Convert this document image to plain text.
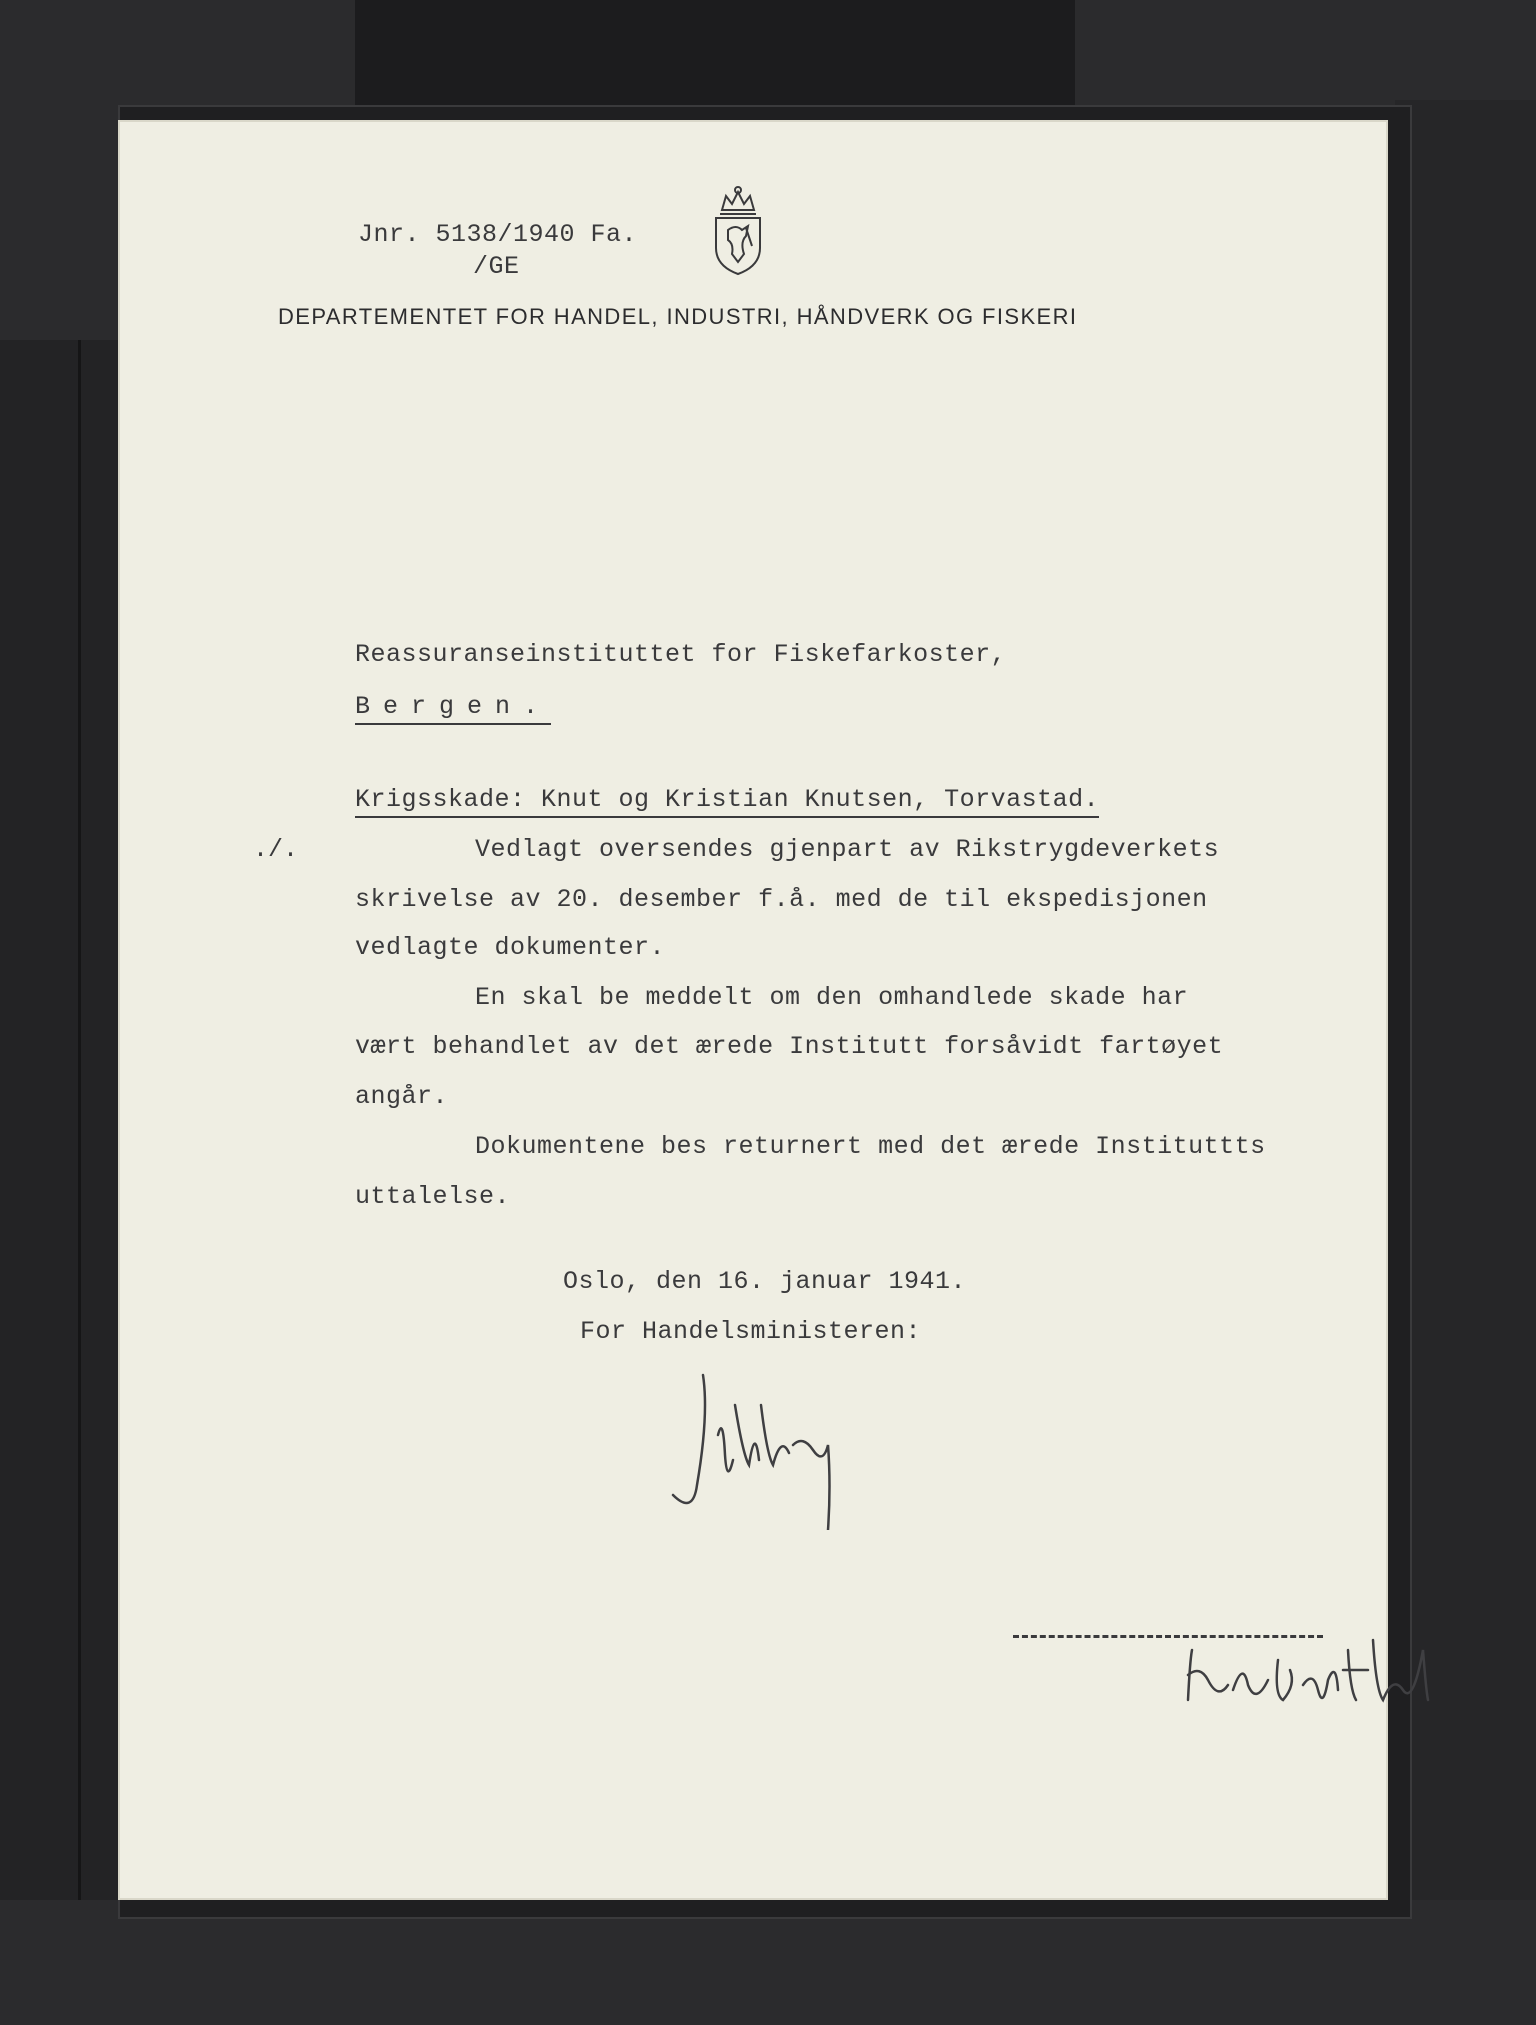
Jnr. 5138/1940 Fa.
/GE
DEPARTEMENTET FOR HANDEL, INDUSTRI, HÅNDVERK OG FISKERI
Reassuranseinstituttet for Fiskefarkoster,
Bergen.
Krigsskade: Knut og Kristian Knutsen, Torvastad.
./.	Vedlagt oversendes gjenpart av Rikstrygdeverkets
skrivelse av 20. desember f.å. med de til ekspedisjonen
vedlagte dokumenter.
En skal be meddelt om den omhandlede skade har
vært behandlet av det ærede Institutt forsåvidt fartøyet
angår.
Dokumentene bes returnert med det ærede Instituttts
uttalelse.
Oslo, den 16. januar 1941.
For Handelsministeren:
